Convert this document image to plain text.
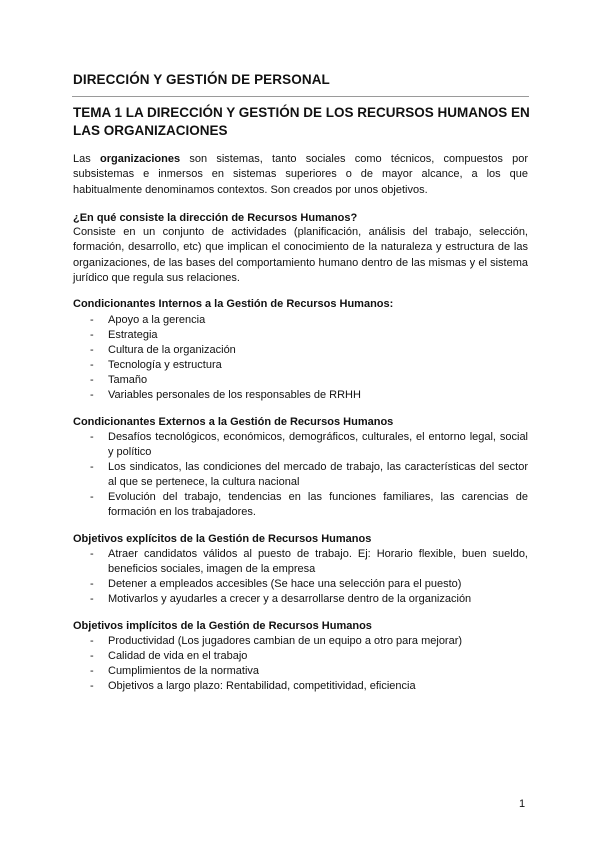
DIRECCIÓN Y GESTIÓN DE PERSONAL
TEMA 1 LA DIRECCIÓN Y GESTIÓN DE LOS RECURSOS HUMANOS EN LAS ORGANIZACIONES
Las organizaciones son sistemas, tanto sociales como técnicos, compuestos por subsistemas e inmersos en sistemas superiores o de mayor alcance, a los que habitualmente denominamos contextos. Son creados por unos objetivos.
¿En qué consiste la dirección de Recursos Humanos?
Consiste en un conjunto de actividades (planificación, análisis del trabajo, selección, formación, desarrollo, etc) que implican el conocimiento de la naturaleza y estructura de las organizaciones, de las bases del comportamiento humano dentro de las mismas y el sistema jurídico que regula sus relaciones.
Condicionantes Internos a la Gestión de Recursos Humanos:
- Apoyo a la gerencia
- Estrategia
- Cultura de la organización
- Tecnología y estructura
- Tamaño
- Variables personales de los responsables de RRHH
Condicionantes Externos a la Gestión de Recursos Humanos
- Desafíos tecnológicos, económicos, demográficos, culturales, el entorno legal, social y político
- Los sindicatos, las condiciones del mercado de trabajo, las características del sector al que se pertenece, la cultura nacional
- Evolución del trabajo, tendencias en las funciones familiares, las carencias de formación en los trabajadores.
Objetivos explícitos de la Gestión de Recursos Humanos
- Atraer candidatos válidos al puesto de trabajo. Ej: Horario flexible, buen sueldo, beneficios sociales, imagen de la empresa
- Detener a empleados accesibles (Se hace una selección para el puesto)
- Motivarlos y ayudarles a crecer y a desarrollarse dentro de la organización
Objetivos implícitos de la Gestión de Recursos Humanos
- Productividad (Los jugadores cambian de un equipo a otro para mejorar)
- Calidad de vida en el trabajo
- Cumplimientos de la normativa
- Objetivos a largo plazo: Rentabilidad, competitividad, eficiencia
1
